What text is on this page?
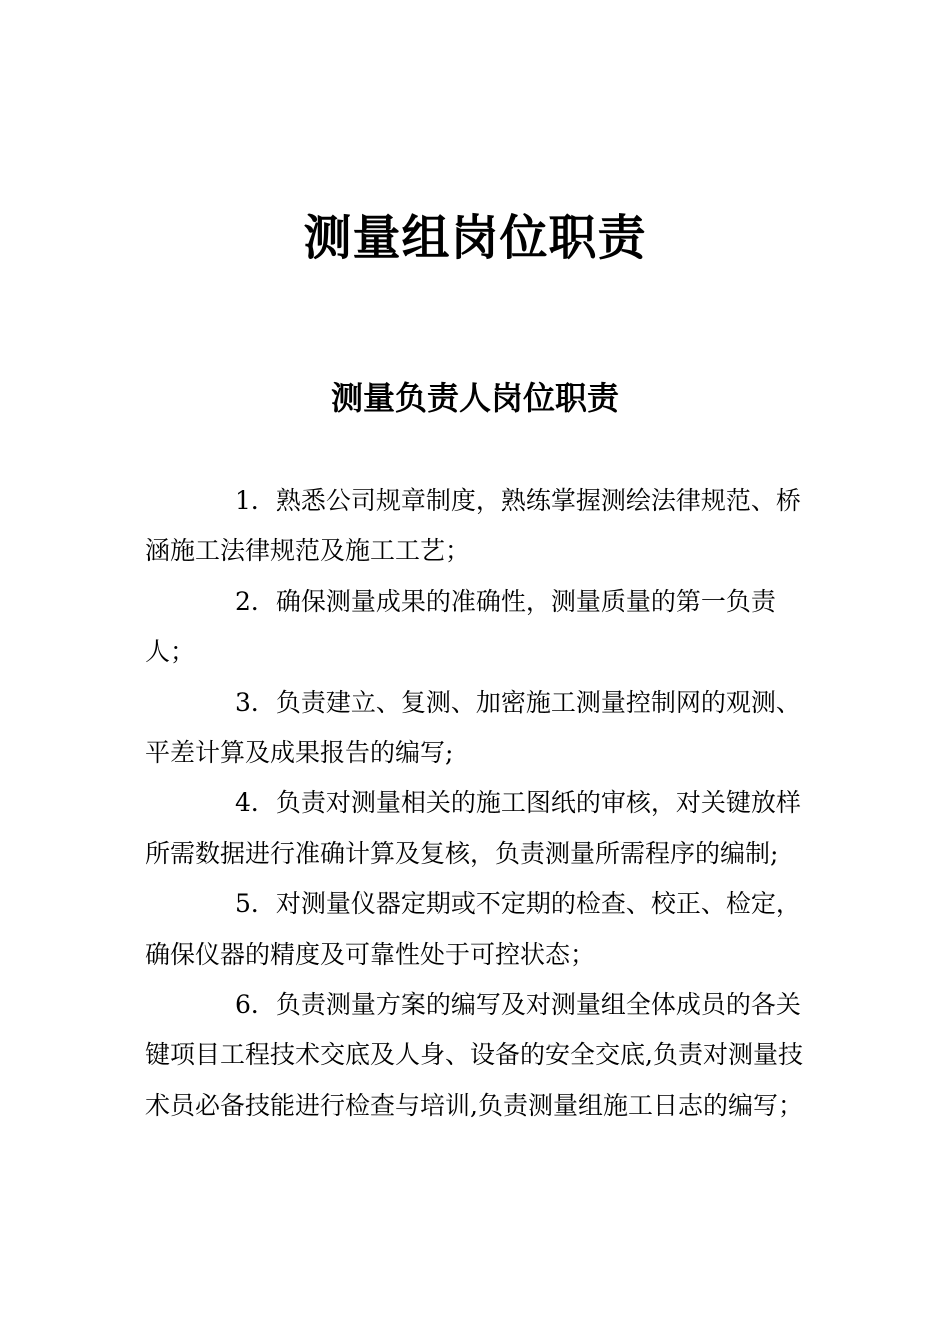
测量组岗位职责
测量负责人岗位职责

1．熟悉公司规章制度，熟练掌握测绘法律规范、桥涵施工法律规范及施工工艺；

2．确保测量成果的准确性，测量质量的第一负责人；

3．负责建立、复测、加密施工测量控制网的观测、平差计算及成果报告的编写;

4．负责对测量相关的施工图纸的审核，对关键放样所需数据进行准确计算及复核，负责测量所需程序的编制;

5．对测量仪器定期或不定期的检查、校正、检定，确保仪器的精度及可靠性处于可控状态；

6．负责测量方案的编写及对测量组全体成员的各关键项目工程技术交底及人身、设备的安全交底,负责对测量技术员必备技能进行检查与培训,负责测量组施工日志的编写；
